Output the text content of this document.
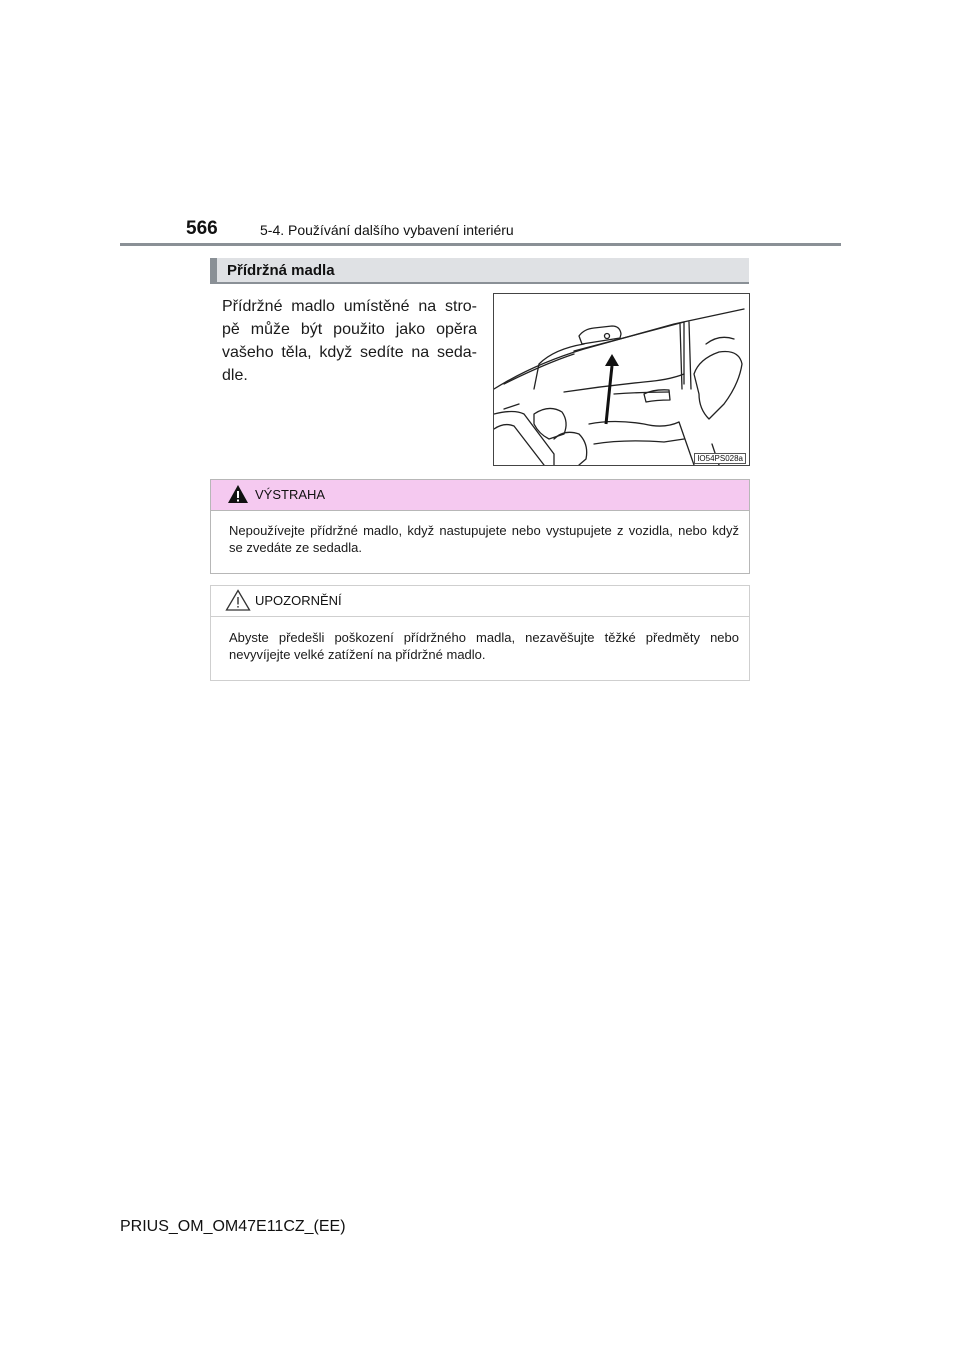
566	5-4. Používání dalšího vybavení interiéru
Přídržná madla
Přídržné madlo umístěné na stro-pě může být použito jako opěra vašeho těla, když sedíte na seda-dle.
IO54PS028a
VÝSTRAHA
Nepoužívejte přídržné madlo, když nastupujete nebo vystupujete z vozidla, nebo když se zvedáte ze sedadla.
UPOZORNĚNÍ
Abyste předešli poškození přídržného madla, nezavěšujte těžké předměty nebo nevyvíjejte velké zatížení na přídržné madlo.
PRIUS_OM_OM47E11CZ_(EE)
